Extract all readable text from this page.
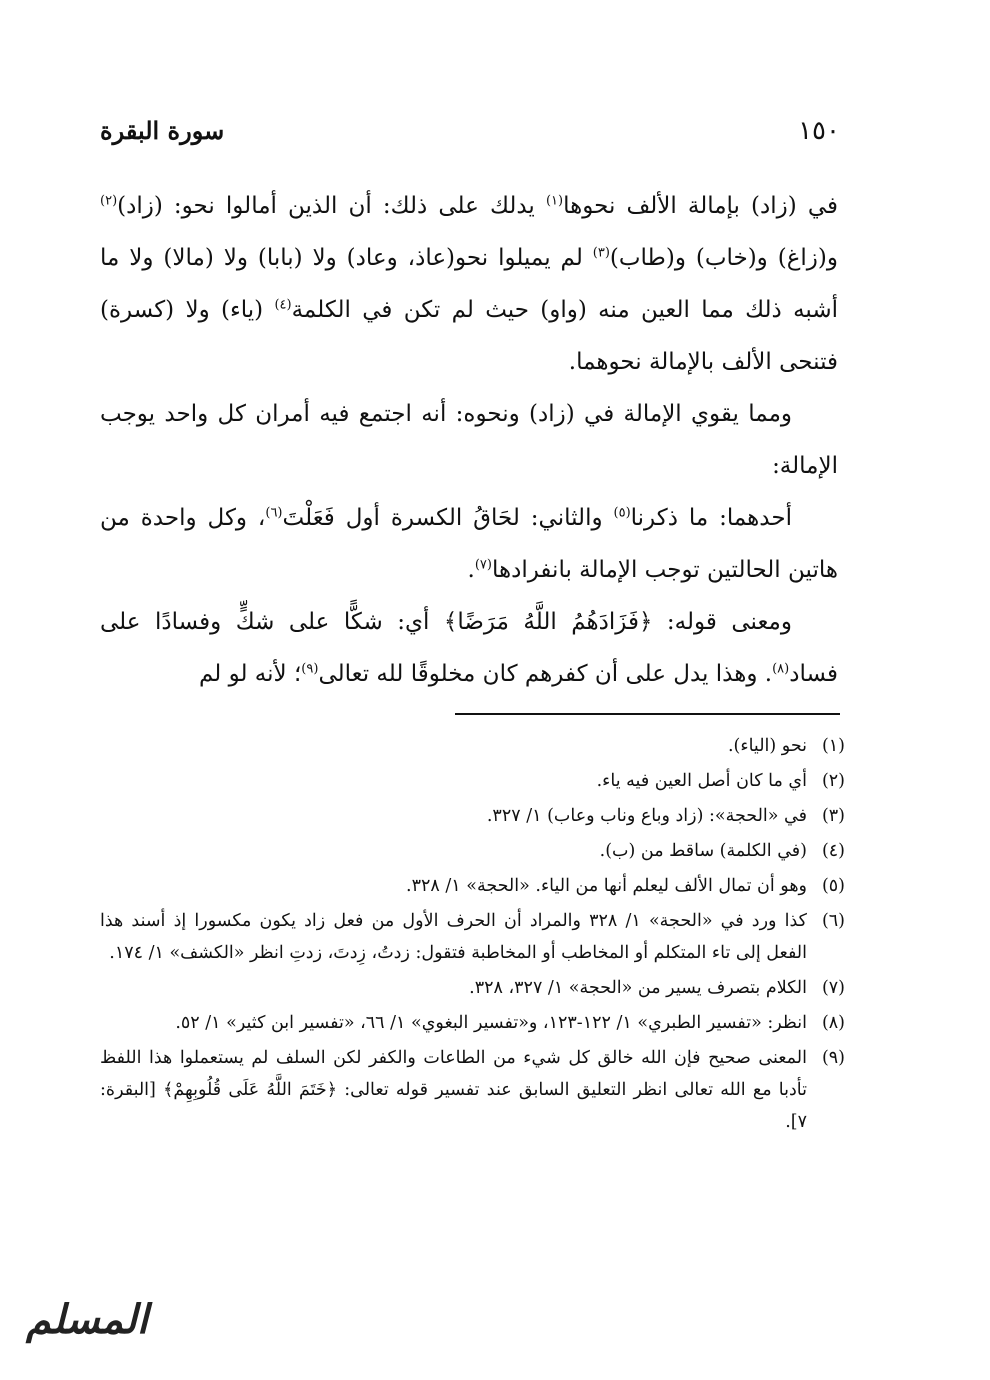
١٥٠
سورة البقرة

في (زاد) بإمالة الألف نحوها$^{(١)}$ يدلك على ذلك: أن الذين أمالوا نحو: (زاد)$^{(٢)}$ و(زاغ) و(خاب) و(طاب)$^{(٣)}$ لم يميلوا نحو(عاذ، وعاد) ولا (بابا) ولا (مالا) ولا ما أشبه ذلك مما العين منه (واو) حيث لم تكن في الكلمة$^{(٤)}$ (ياء) ولا (كسرة) فتنحى الألف بالإمالة نحوهما.

ومما يقوي الإمالة في (زاد) ونحوه: أنه اجتمع فيه أمران كل واحد يوجب الإمالة:

أحدهما: ما ذكرنا$^{(٥)}$ والثاني: لحَاقُ الكسرة أول فَعَلْتَ$^{(٦)}$، وكل واحدة من هاتين الحالتين توجب الإمالة بانفرادها$^{(٧)}$.

ومعنى قوله: ﴿فَزَادَهُمُ اللَّهُ مَرَضًا﴾ أي: شكًّا على شكٍّ وفسادًا على فساد$^{(٨)}$. وهذا يدل على أن كفرهم كان مخلوقًا لله تعالى$^{(٩)}$؛ لأنه لو لم

(١)
نحو (الياء).
(٢)
أي ما كان أصل العين فيه ياء.
(٣)
في «الحجة»: (زاد وباع وناب وعاب) ١/ ٣٢٧.
(٤)
(في الكلمة) ساقط من (ب).
(٥)
وهو أن تمال الألف ليعلم أنها من الياء. «الحجة» ١/ ٣٢٨.
(٦)
كذا ورد في «الحجة» ١/ ٣٢٨ والمراد أن الحرف الأول من فعل زاد يكون مكسورا إذ أسند هذا الفعل إلى تاء المتكلم أو المخاطب أو المخاطبة فتقول: زدتُ، زِدتَ، زدتِ انظر «الكشف» ١/ ١٧٤.
(٧)
الكلام بتصرف يسير من «الحجة» ١/ ٣٢٧، ٣٢٨.
(٨)
انظر: «تفسير الطبري» ١/ ١٢٢-١٢٣، و«تفسير البغوي» ١/ ٦٦، «تفسير ابن كثير» ١/ ٥٢.
(٩)
المعنى صحيح فإن الله خالق كل شيء من الطاعات والكفر لكن السلف لم يستعملوا هذا اللفظ تأدبا مع الله تعالى انظر التعليق السابق عند تفسير قوله تعالى: ﴿خَتَمَ اللَّهُ عَلَى قُلُوبِهِمْ﴾ [البقرة: ٧].
المسلم
